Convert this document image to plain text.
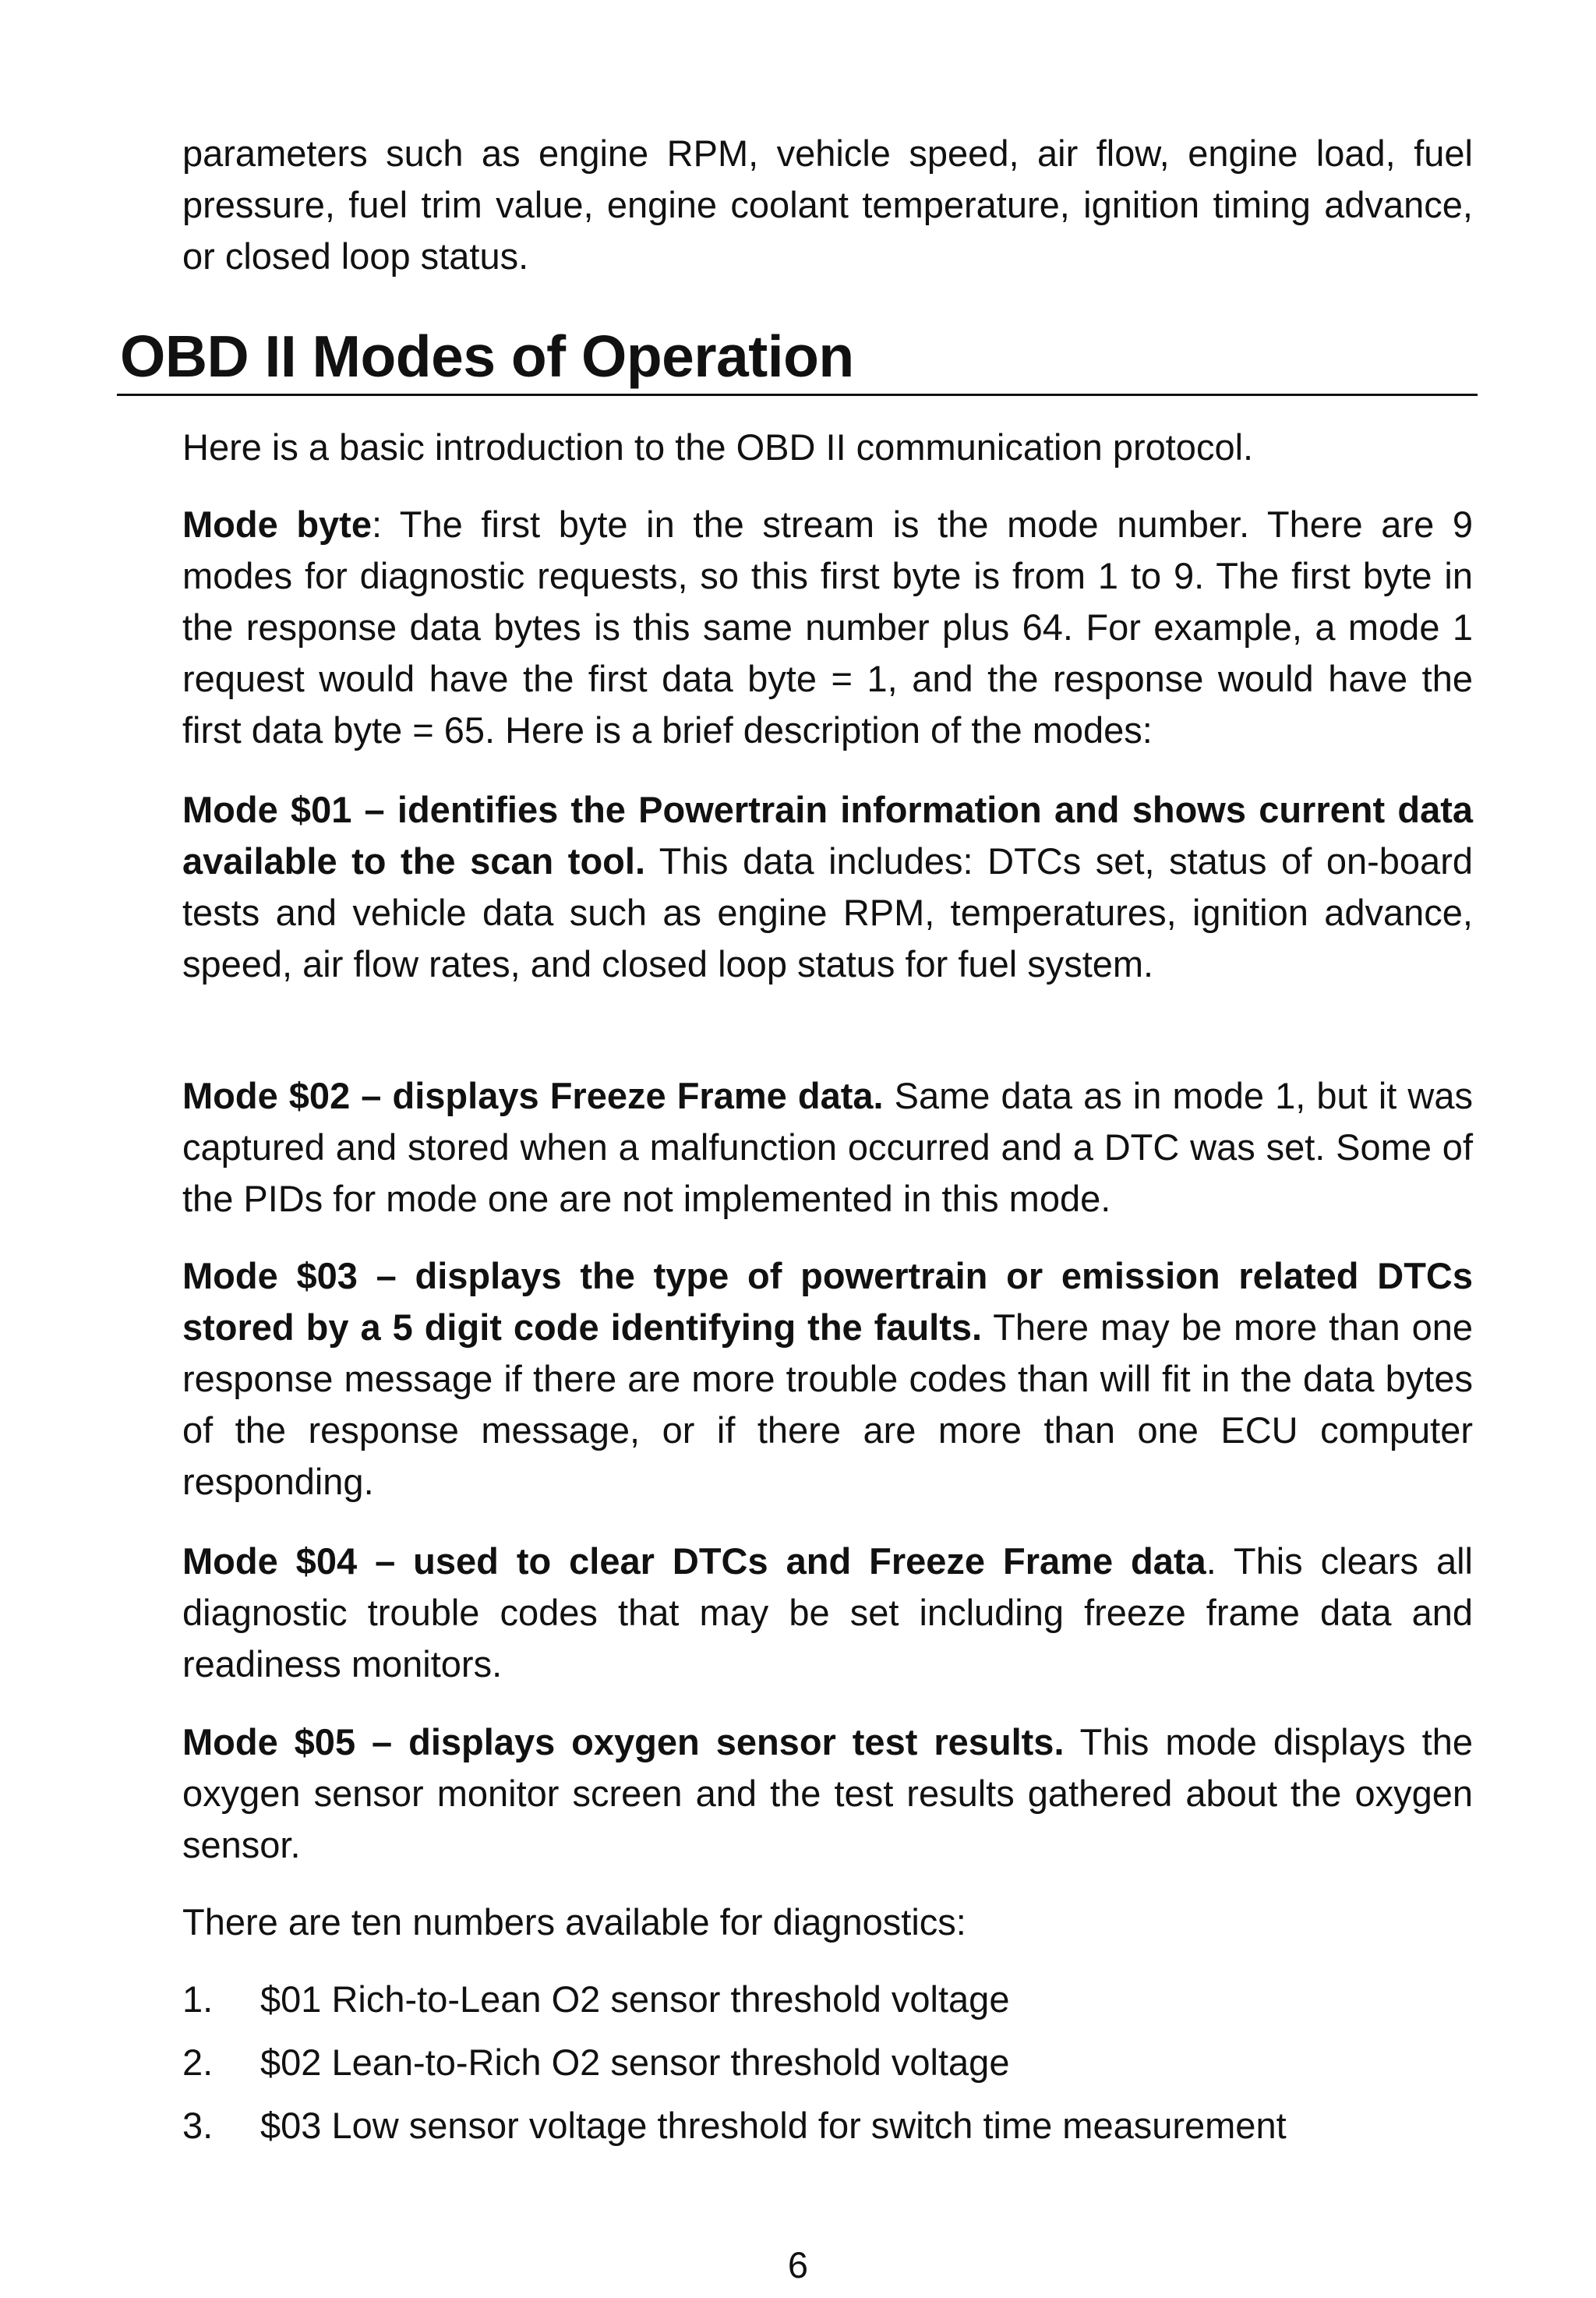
parameters such as engine RPM, vehicle speed, air flow, engine load, fuel pressure, fuel trim value, engine coolant temperature, ignition timing advance, or closed loop status.

OBD II Modes of Operation

Here is a basic introduction to the OBD II communication protocol.

Mode byte: The first byte in the stream is the mode number. There are 9 modes for diagnostic requests, so this first byte is from 1 to 9. The first byte in the response data bytes is this same number plus 64. For example, a mode 1 request would have the first data byte = 1, and the response would have the first data byte = 65. Here is a brief description of the modes:

Mode $01 – identifies the Powertrain information and shows current data available to the scan tool. This data includes: DTCs set, status of on-board tests and vehicle data such as engine RPM, temperatures, ignition advance, speed, air flow rates, and closed loop status for fuel system.

Mode $02 – displays Freeze Frame data. Same data as in mode 1, but it was captured and stored when a malfunction occurred and a DTC was set. Some of the PIDs for mode one are not implemented in this mode.

Mode $03 – displays the type of powertrain or emission related DTCs stored by a 5 digit code identifying the faults. There may be more than one response message if there are more trouble codes than will fit in the data bytes of the response message, or if there are more than one ECU computer responding.

Mode $04 – used to clear DTCs and Freeze Frame data. This clears all diagnostic trouble codes that may be set including freeze frame data and readiness monitors.

Mode $05 – displays oxygen sensor test results. This mode displays the oxygen sensor monitor screen and the test results gathered about the oxygen sensor.

There are ten numbers available for diagnostics:

1. $01 Rich-to-Lean O2 sensor threshold voltage
2. $02 Lean-to-Rich O2 sensor threshold voltage
3. $03 Low sensor voltage threshold for switch time measurement
6
